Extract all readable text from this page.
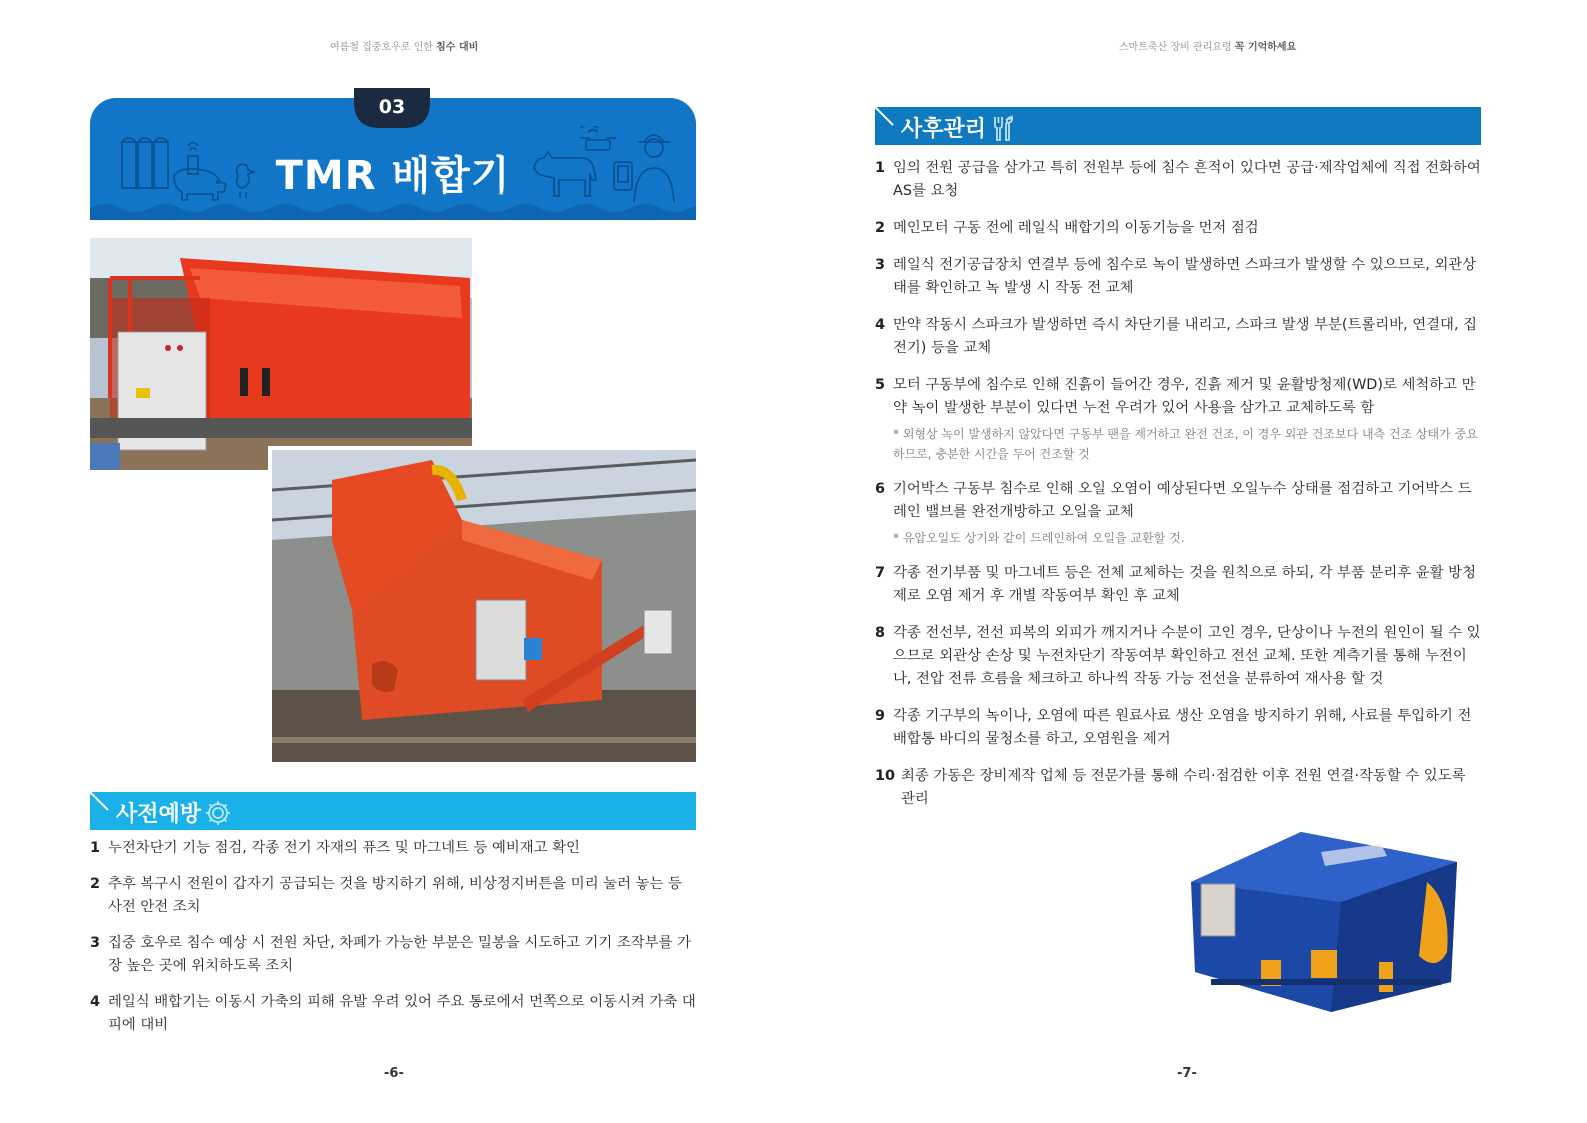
여름철 집중호우로 인한 침수 대비
TMR 배합기
03
사전예방
1 누전차단기 기능 점검, 각종 전기 자재의 퓨즈 및 마그네트 등 예비재고 확인
2 추후 복구시 전원이 갑자기 공급되는 것을 방지하기 위해, 비상정지버튼을 미리 눌러 놓는 등 사전 안전 조치
3 집중 호우로 침수 예상 시 전원 차단, 차폐가 가능한 부분은 밀봉을 시도하고 기기 조작부를 가장 높은 곳에 위치하도록 조치
4 레일식 배합기는 이동시 가축의 피해 유발 우려 있어 주요 통로에서 먼쪽으로 이동시켜 가축 대피에 대비
-6-
스마트축산 장비 관리요령 꼭 기억하세요
사후관리
1 임의 전원 공급을 삼가고 특히 전원부 등에 침수 흔적이 있다면 공급·제작업체에 직접 전화하여 AS를 요청
2 메인모터 구동 전에 레일식 배합기의 이동기능을 먼저 점검
3 레일식 전기공급장치 연결부 등에 침수로 녹이 발생하면 스파크가 발생할 수 있으므로, 외관상태를 확인하고 녹 발생 시 작동 전 교체
4 만약 작동시 스파크가 발생하면 즉시 차단기를 내리고, 스파크 발생 부분(트롤리바, 연결대, 집전기) 등을 교체
5 모터 구동부에 침수로 인해 진흙이 들어간 경우, 진흙 제거 및 윤활방청제(WD)로 세척하고 만약 녹이 발생한 부분이 있다면 누전 우려가 있어 사용을 삼가고 교체하도록 함
* 외형상 녹이 발생하지 않았다면 구동부 팬을 제거하고 완전 건조, 이 경우 외관 건조보다 내측 건조 상태가 중요하므로, 충분한 시간을 두어 건조할 것
6 기어박스 구동부 침수로 인해 오일 오염이 예상된다면 오일누수 상태를 점검하고 기어박스 드레인 밸브를 완전개방하고 오일을 교체
* 유압오일도 상기와 같이 드레인하여 오일을 교환할 것.
7 각종 전기부품 및 마그네트 등은 전체 교체하는 것을 원칙으로 하되, 각 부품 분리후 윤활 방청제로 오염 제거 후 개별 작동여부 확인 후 교체
8 각종 전선부, 전선 피복의 외피가 깨지거나 수분이 고인 경우, 단상이나 누전의 원인이 될 수 있으므로 외관상 손상 및 누전차단기 작동여부 확인하고 전선 교체. 또한 계측기를 통해 누전이나, 전압 전류 흐름을 체크하고 하나씩 작동 가능 전선을 분류하여 재사용 할 것
9 각종 기구부의 녹이나, 오염에 따른 원료사료 생산 오염을 방지하기 위해, 사료를 투입하기 전 배합통 바디의 물청소를 하고, 오염원을 제거
10 최종 가동은 장비제작 업체 등 전문가를 통해 수리·점검한 이후 전원 연결·작동할 수 있도록 관리
-7-
